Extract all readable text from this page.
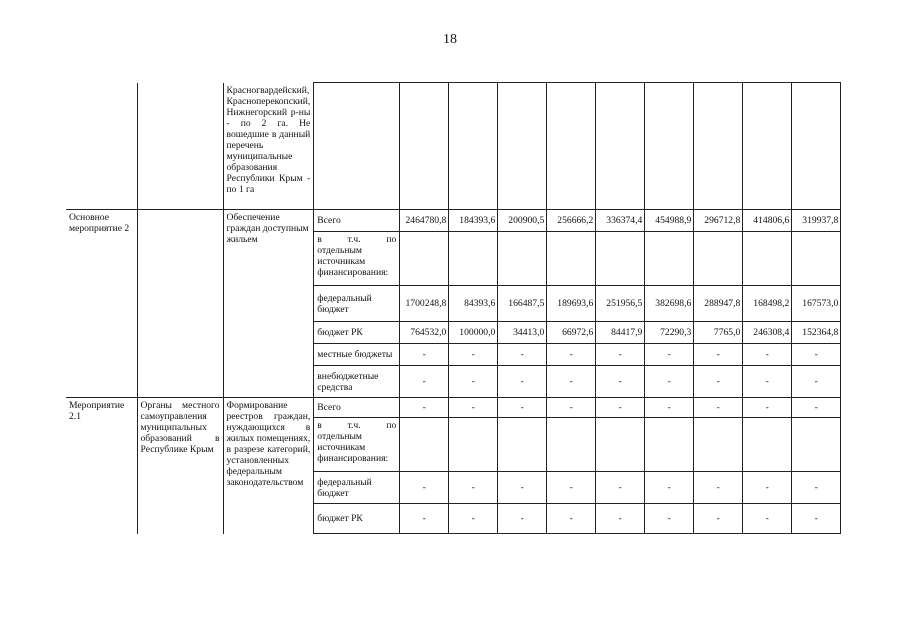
18
		Красногвардейский, Красноперекопский, Нижнегорский р-ны - по 2 га. Не вошедшие в данный перечень муниципальные образования Республики Крым - по 1 га										
Основное мероприятие 2		Обеспечение граждан доступным жильем	Всего	2464780,8	184393,6	200900,5	256666,2	336374,4	454988,9	296712,8	414806,6	319937,8
			в т.ч. по отдельным источникам финансирования:									
			федеральный бюджет	1700248,8	84393,6	166487,5	189693,6	251956,5	382698,6	288947,8	168498,2	167573,0
			бюджет РК	764532,0	100000,0	34413,0	66972,6	84417,9	72290,3	7765,0	246308,4	152364,8
			местные бюджеты	-	-	-	-	-	-	-	-	-
			внебюджетные средства	-	-	-	-	-	-	-	-	-
Мероприятие 2.1	Органы местного самоуправления муниципальных образований в Республике Крым	Формирование реестров граждан, нуждающихся в жилых помещениях, в разрезе категорий, установленных федеральным законодательством	Всего	-	-	-	-	-	-	-	-	-
			в т.ч. по отдельным источникам финансирования:									
			федеральный бюджет	-	-	-	-	-	-	-	-	-
			бюджет РК	-	-	-	-	-	-	-	-	-
